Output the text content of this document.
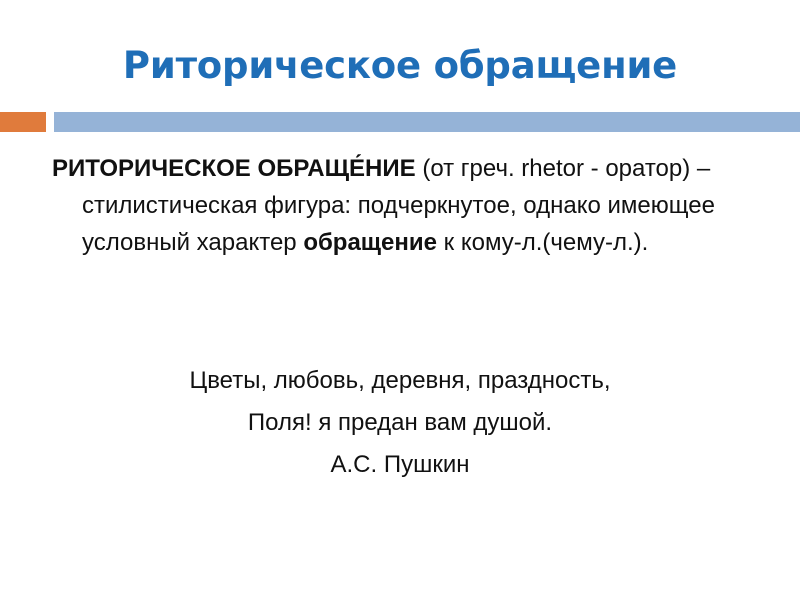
Риторическое обращение
РИТОРИЧЕСКОЕ ОБРАЩЕ́НИЕ (от греч. rhetor - оратор) – стилистическая фигура: подчеркнутое, однако имеющее условный характер обращение к кому-л.(чему-л.).
Цветы, любовь, деревня, праздность,
Поля! я предан вам душой.
А.С. Пушкин
